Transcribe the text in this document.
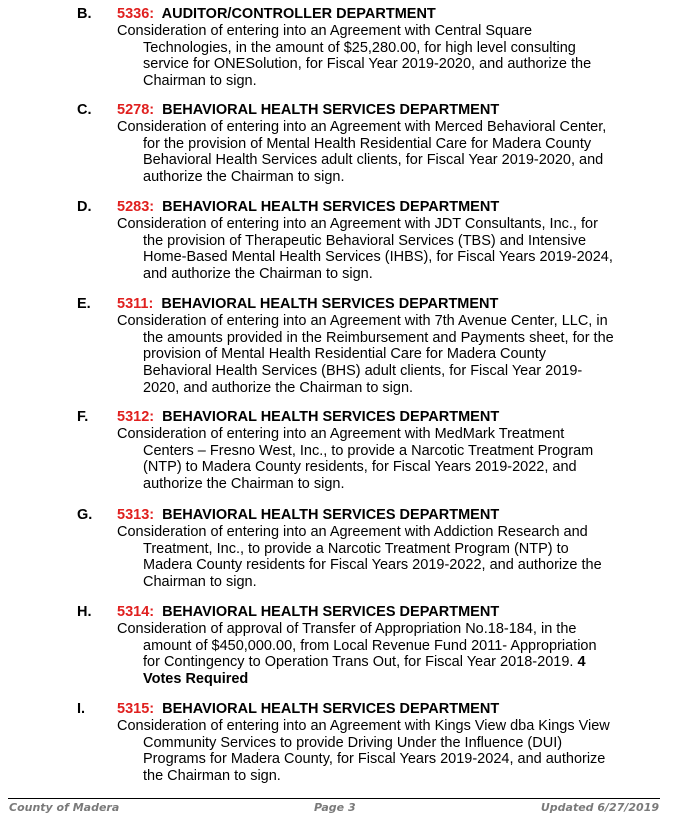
B. 5336: AUDITOR/CONTROLLER DEPARTMENT
Consideration of entering into an Agreement with Central Square
Technologies, in the amount of $25,280.00, for high level consulting
service for ONESolution, for Fiscal Year 2019-2020, and authorize the
Chairman to sign.
C. 5278: BEHAVIORAL HEALTH SERVICES DEPARTMENT
Consideration of entering into an Agreement with Merced Behavioral Center,
for the provision of Mental Health Residential Care for Madera County
Behavioral Health Services adult clients, for Fiscal Year 2019-2020, and
authorize the Chairman to sign.
D. 5283: BEHAVIORAL HEALTH SERVICES DEPARTMENT
Consideration of entering into an Agreement with JDT Consultants, Inc., for
the provision of Therapeutic Behavioral Services (TBS) and Intensive
Home-Based Mental Health Services (IHBS), for Fiscal Years 2019-2024,
and authorize the Chairman to sign.
E. 5311: BEHAVIORAL HEALTH SERVICES DEPARTMENT
Consideration of entering into an Agreement with 7th Avenue Center, LLC, in
the amounts provided in the Reimbursement and Payments sheet, for the
provision of Mental Health Residential Care for Madera County
Behavioral Health Services (BHS) adult clients, for Fiscal Year 2019-
2020, and authorize the Chairman to sign.
F. 5312: BEHAVIORAL HEALTH SERVICES DEPARTMENT
Consideration of entering into an Agreement with MedMark Treatment
Centers – Fresno West, Inc., to provide a Narcotic Treatment Program
(NTP) to Madera County residents, for Fiscal Years 2019-2022, and
authorize the Chairman to sign.
G. 5313: BEHAVIORAL HEALTH SERVICES DEPARTMENT
Consideration of entering into an Agreement with Addiction Research and
Treatment, Inc., to provide a Narcotic Treatment Program (NTP) to
Madera County residents for Fiscal Years 2019-2022, and authorize the
Chairman to sign.
H. 5314: BEHAVIORAL HEALTH SERVICES DEPARTMENT
Consideration of approval of Transfer of Appropriation No.18-184, in the
amount of $450,000.00, from Local Revenue Fund 2011- Appropriation
for Contingency to Operation Trans Out, for Fiscal Year 2018-2019. 4
Votes Required
I. 5315: BEHAVIORAL HEALTH SERVICES DEPARTMENT
Consideration of entering into an Agreement with Kings View dba Kings View
Community Services to provide Driving Under the Influence (DUI)
Programs for Madera County, for Fiscal Years 2019-2024, and authorize
the Chairman to sign.
County of Madera	Page 3	Updated 6/27/2019
